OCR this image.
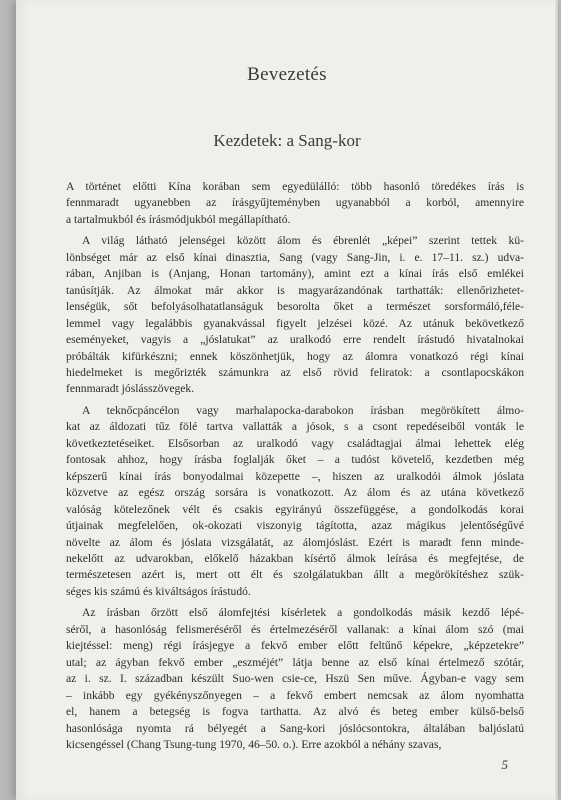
Bevezetés
Kezdetek: a Sang-kor
A történet előtti Kína korában sem egyedülálló: több hasonló töredékes írás is
fennmaradt ugyanebben az írásgyűjteményben ugyanabból a korból, amennyire
a tartalmukból és írásmódjukból megállapítható.
A világ látható jelenségei között álom és ébrenlét „képei” szerint tettek kü-
lönbséget már az első kínai dinasztia, Sang (vagy Sang-Jin, i. e. 17–11. sz.) udva-
rában, Anjiban is (Anjang, Honan tartomány), amint ezt a kínai írás első emlékei
tanúsítják. Az álmokat már akkor is magyarázandónak tarthatták: ellenőrizhetet-
lenségük, sőt befolyásolhatatlanságuk besorolta őket a természet sorsformáló,féle-
lemmel vagy legalábbis gyanakvással figyelt jelzései közé. Az utánuk bekövetkező
eseményeket, vagyis a „jóslatukat” az uralkodó erre rendelt írástudó hivatalnokai
próbálták kifürkészni; ennek köszönhetjük, hogy az álomra vonatkozó régi kínai
hiedelmeket is megőrizték számunkra az első rövid feliratok: a csontlapocskákon
fennmaradt jóslásszövegek.
A teknőcpáncélon vagy marhalapocka-darabokon írásban megörökített álmo-
kat az áldozati tűz fölé tartva vallatták a jósok, s a csont repedéseiből vonták le
következtetéseiket. Elsősorban az uralkodó vagy családtagjai álmai lehettek elég
fontosak ahhoz, hogy írásba foglalják őket – a tudóst követelő, kezdetben még
képszerű kínai írás bonyodalmai közepette –, hiszen az uralkodói álmok jóslata
közvetve az egész ország sorsára is vonatkozott. Az álom és az utána következő
valóság kötelezőnek vélt és csakis egyirányú összefüggése, a gondolkodás korai
útjainak megfelelően, ok-okozati viszonyig tágította, azaz mágikus jelentőségűvé
növelte az álom és jóslata vizsgálatát, az álomjóslást. Ezért is maradt fenn minde-
nekelőtt az udvarokban, előkelő házakban kísértő álmok leírása és megfejtése, de
természetesen azért is, mert ott élt és szolgálatukban állt a megörökítéshez szük-
séges kis számú és kiváltságos írástudó.
Az írásban őrzött első álomfejtési kísérletek a gondolkodás másik kezdő lépé-
séről, a hasonlóság felismeréséről és értelmezéséről vallanak: a kínai álom szó (mai
kiejtéssel: meng) régi írásjegye a fekvő ember előtt feltűnő képekre, „képzetekre”
utal; az ágyban fekvő ember „eszméjét” látja benne az első kínai értelmező szótár,
az i. sz. I. században készült Suo-wen csie-ce, Hszü Sen műve. Ágyban-e vagy sem
– inkább egy gyékényszőnyegen – a fekvő embert nemcsak az álom nyomhatta
el, hanem a betegség is fogva tarthatta. Az alvó és beteg ember külső-belső
hasonlósága nyomta rá bélyegét a Sang-kori jóslócsontokra, általában baljóslatú
kicsengéssel (Chang Tsung-tung 1970, 46–50. o.). Erre azokból a néhány szavas,
5
